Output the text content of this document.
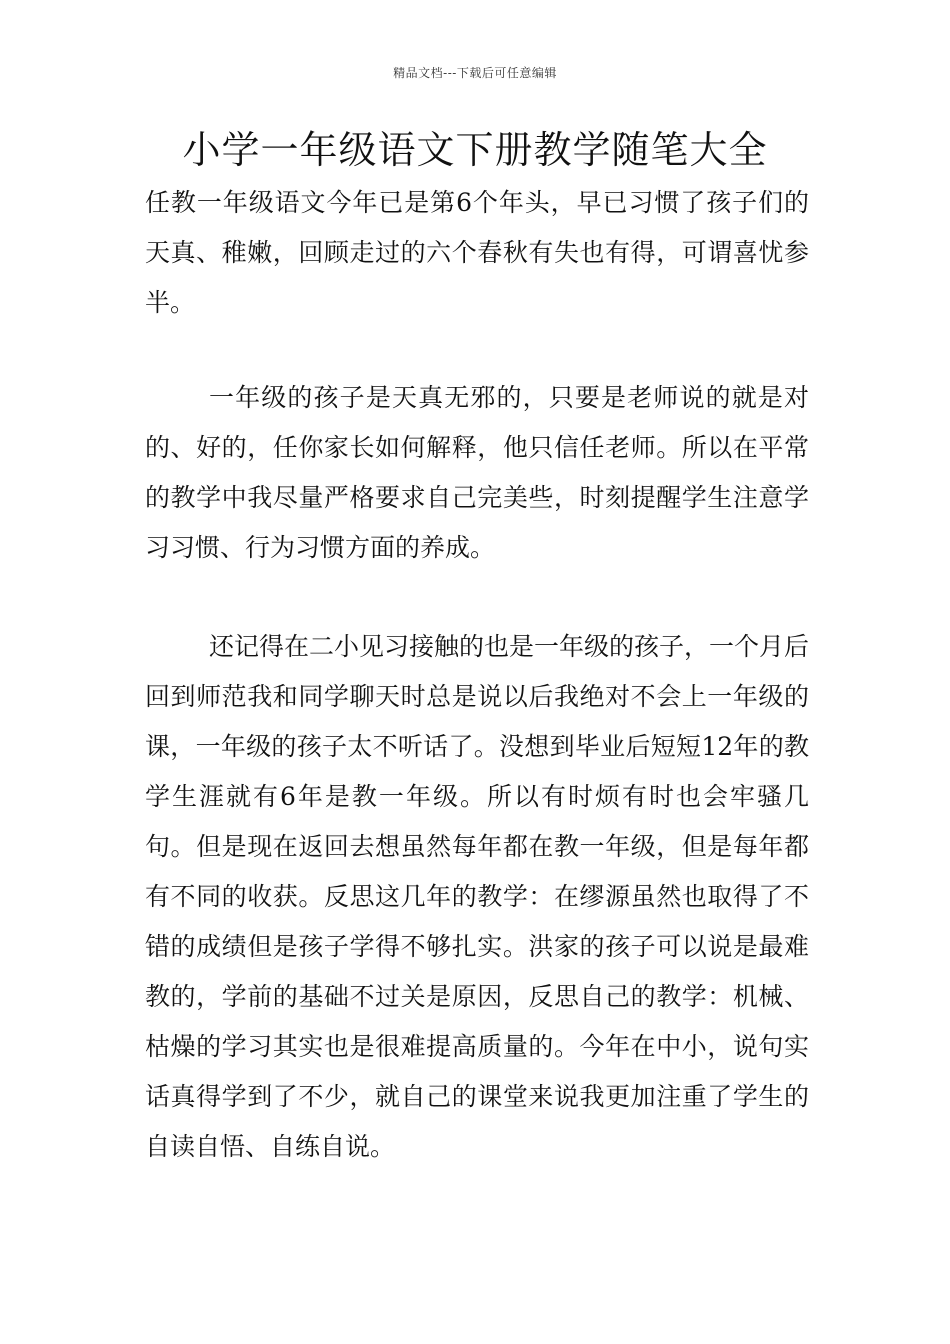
精品文档---下载后可任意编辑
小学一年级语文下册教学随笔大全

任教一年级语文今年已是第6个年头，早已习惯了孩子们的天真、稚嫩，回顾走过的六个春秋有失也有得，可谓喜忧参半。

一年级的孩子是天真无邪的，只要是老师说的就是对的、好的，任你家长如何解释，他只信任老师。所以在平常的教学中我尽量严格要求自己完美些，时刻提醒学生注意学习习惯、行为习惯方面的养成。

还记得在二小见习接触的也是一年级的孩子，一个月后回到师范我和同学聊天时总是说以后我绝对不会上一年级的课，一年级的孩子太不听话了。没想到毕业后短短12年的教学生涯就有6年是教一年级。所以有时烦有时也会牢骚几句。但是现在返回去想虽然每年都在教一年级，但是每年都有不同的收获。反思这几年的教学：在缪源虽然也取得了不错的成绩但是孩子学得不够扎实。洪家的孩子可以说是最难教的，学前的基础不过关是原因，反思自己的教学：机械、枯燥的学习其实也是很难提高质量的。今年在中小，说句实话真得学到了不少，就自己的课堂来说我更加注重了学生的自读自悟、自练自说。
